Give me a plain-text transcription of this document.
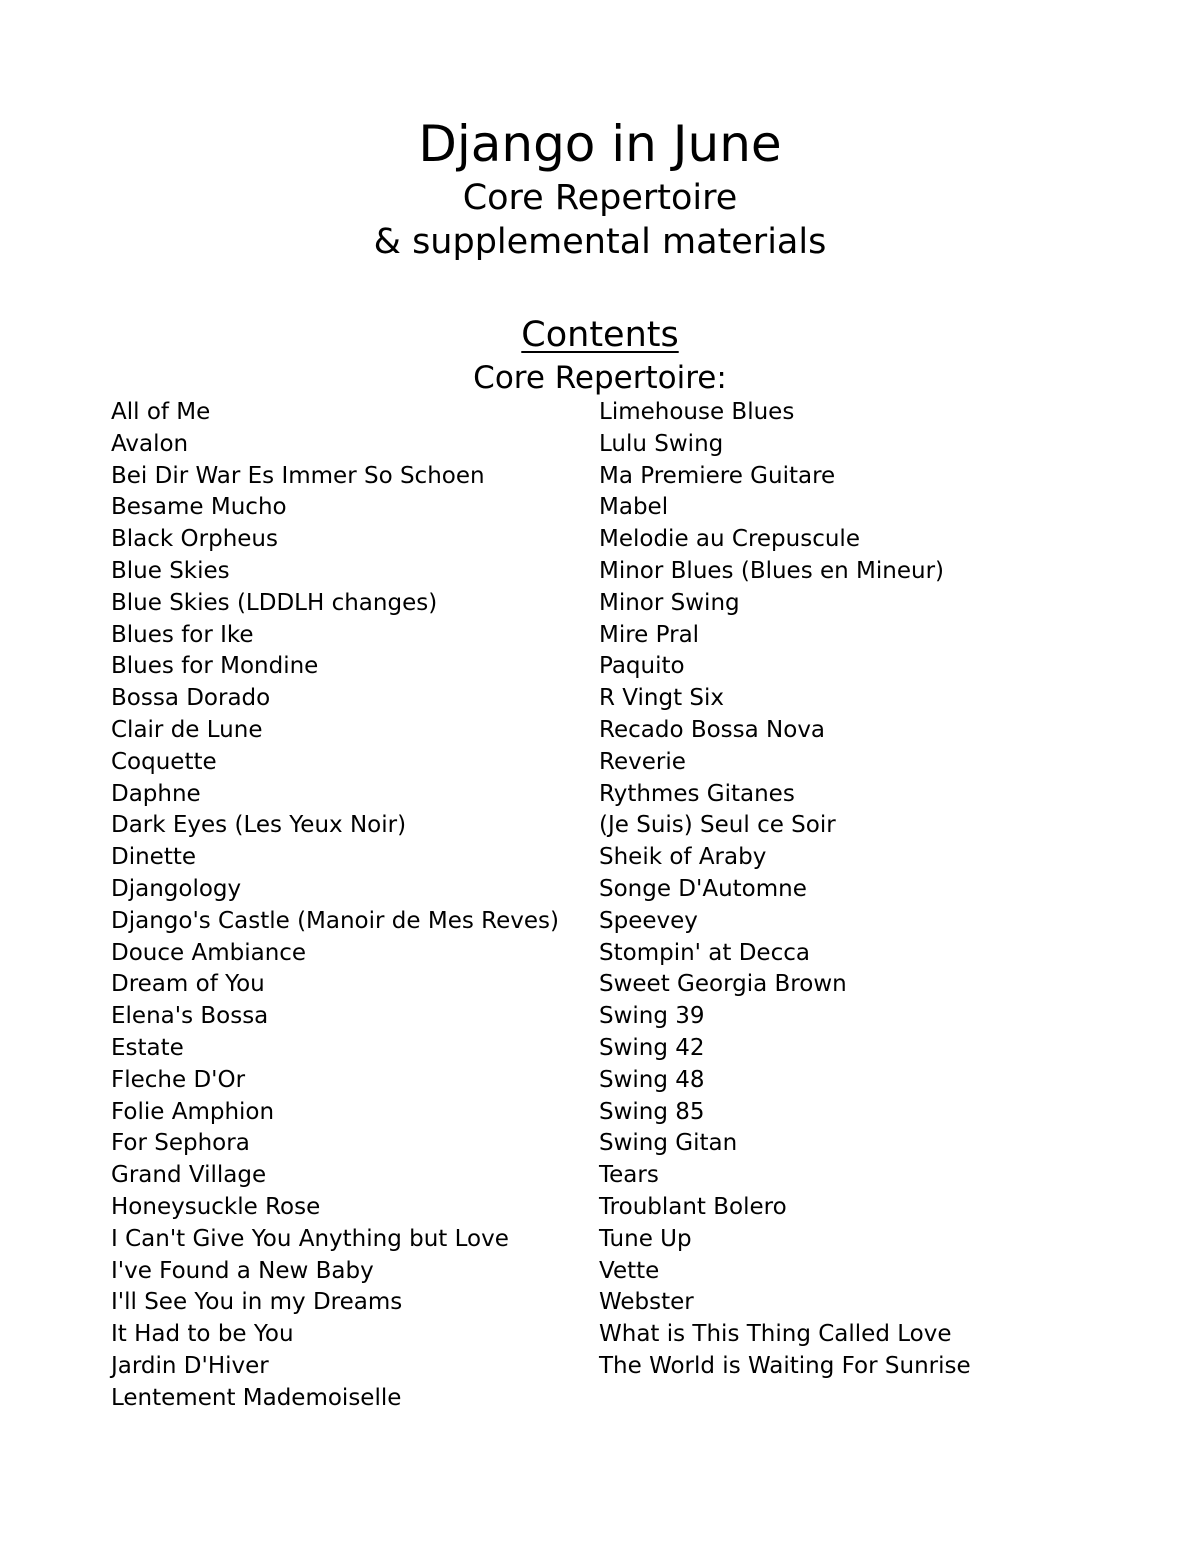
Django in June
Core Repertoire
& supplemental materials
Contents
Core Repertoire:
All of Me
Avalon
Bei Dir War Es Immer So Schoen
Besame Mucho
Black Orpheus
Blue Skies
Blue Skies (LDDLH changes)
Blues for Ike
Blues for Mondine
Bossa Dorado
Clair de Lune
Coquette
Daphne
Dark Eyes (Les Yeux Noir)
Dinette
Djangology
Django's Castle (Manoir de Mes Reves)
Douce Ambiance
Dream of You
Elena's Bossa
Estate
Fleche D'Or
Folie Amphion
For Sephora
Grand Village
Honeysuckle Rose
I Can't Give You Anything but Love
I've Found a New Baby
I'll See You in my Dreams
It Had to be You
Jardin D'Hiver
Lentement Mademoiselle
Limehouse Blues
Lulu Swing
Ma Premiere Guitare
Mabel
Melodie au Crepuscule
Minor Blues (Blues en Mineur)
Minor Swing
Mire Pral
Paquito
R Vingt Six
Recado Bossa Nova
Reverie
Rythmes Gitanes
(Je Suis) Seul ce Soir
Sheik of Araby
Songe D'Automne
Speevey
Stompin' at Decca
Sweet Georgia Brown
Swing 39
Swing 42
Swing 48
Swing 85
Swing Gitan
Tears
Troublant Bolero
Tune Up
Vette
Webster
What is This Thing Called Love
The World is Waiting For Sunrise
